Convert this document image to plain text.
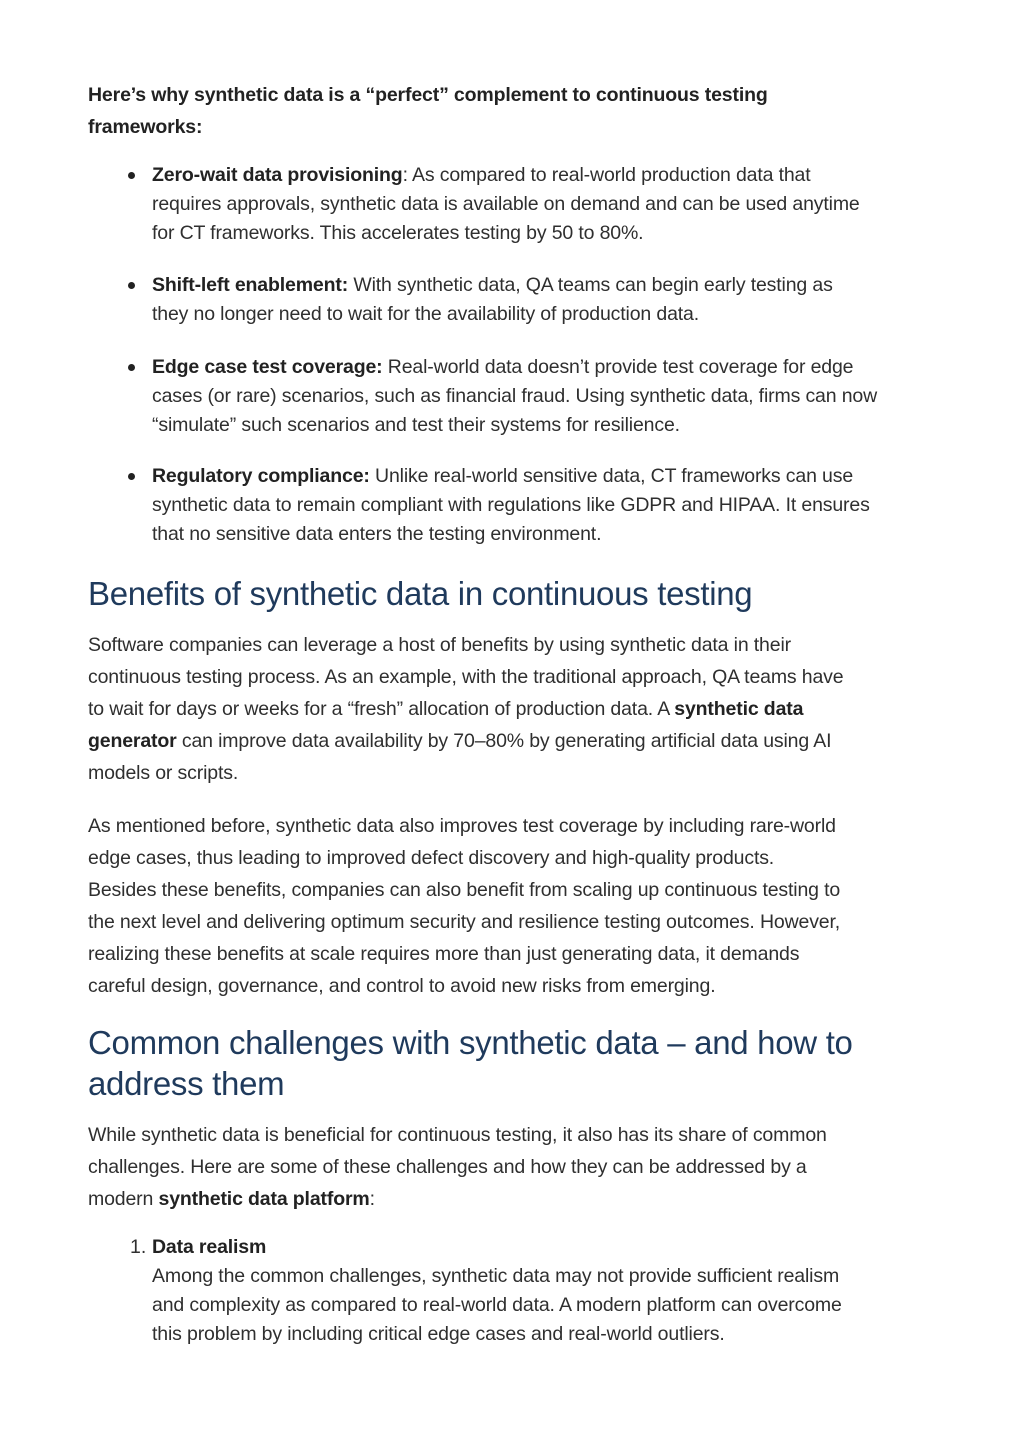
Here’s why synthetic data is a “perfect” complement to continuous testing
frameworks:
Zero-wait data provisioning: As compared to real-world production data that
requires approvals, synthetic data is available on demand and can be used anytime
for CT frameworks. This accelerates testing by 50 to 80%.
Shift-left enablement: With synthetic data, QA teams can begin early testing as
they no longer need to wait for the availability of production data.
Edge case test coverage: Real-world data doesn’t provide test coverage for edge
cases (or rare) scenarios, such as financial fraud. Using synthetic data, firms can now
“simulate” such scenarios and test their systems for resilience.
Regulatory compliance: Unlike real-world sensitive data, CT frameworks can use
synthetic data to remain compliant with regulations like GDPR and HIPAA. It ensures
that no sensitive data enters the testing environment.
Benefits of synthetic data in continuous testing
Software companies can leverage a host of benefits by using synthetic data in their
continuous testing process. As an example, with the traditional approach, QA teams have
to wait for days or weeks for a “fresh” allocation of production data. A synthetic data
generator can improve data availability by 70–80% by generating artificial data using AI
models or scripts.
As mentioned before, synthetic data also improves test coverage by including rare-world
edge cases, thus leading to improved defect discovery and high-quality products.
Besides these benefits, companies can also benefit from scaling up continuous testing to
the next level and delivering optimum security and resilience testing outcomes. However,
realizing these benefits at scale requires more than just generating data, it demands
careful design, governance, and control to avoid new risks from emerging.
Common challenges with synthetic data – and how to
address them
While synthetic data is beneficial for continuous testing, it also has its share of common
challenges. Here are some of these challenges and how they can be addressed by a
modern synthetic data platform:
1. Data realism
Among the common challenges, synthetic data may not provide sufficient realism
and complexity as compared to real-world data. A modern platform can overcome
this problem by including critical edge cases and real-world outliers.
